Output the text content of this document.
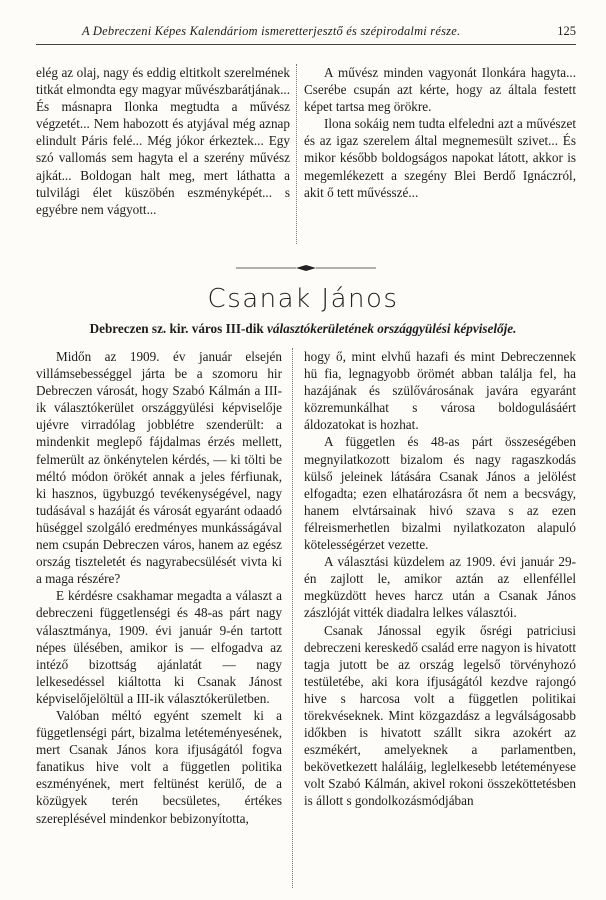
A Debreczeni Képes Kalendáriom ismeretterjesztő és szépirodalmi része.	125

elég az olaj, nagy és eddig eltitkolt szerelmének titkát elmondta egy magyar művészbarátjának... És másnapra Ilonka megtudta a művész végzetét... Nem habozott és atyjával még aznap elindult Páris felé... Még jókor érkeztek... Egy szó vallomás sem hagyta el a szerény művész ajkát... Boldogan halt meg, mert láthatta a tulvilági élet küszöbén eszményképét... s egyébre nem vágyott...

A művész minden vagyonát Ilonkára hagyta... Cserébe csupán azt kérte, hogy az általa festett képet tartsa meg örökre.

Ilona sokáig nem tudta elfeledni azt a művészet és az igaz szerelem által megnemesült szivet... És mikor később boldogságos napokat látott, akkor is megemlékezett a szegény Blei Berdő Ignáczról, akit ő tett művésszé...

Csanak János
Debreczen sz. kir. város III-dik választókerületének országgyülési képviselője.

Midőn az 1909. év január elsején villámsebességgel járta be a szomoru hir Debreczen városát, hogy Szabó Kálmán a III-ik választókerület országgyülési képviselője ujévre virradólag jobblétre szenderült: a mindenkit meglepő fájdalmas érzés mellett, felmerült az önkénytelen kérdés, — ki tölti be méltó módon örökét annak a jeles férfiunak, ki hasznos, ügybuzgó tevékenységével, nagy tudásával s hazáját és városát egyaránt odaadó hüséggel szolgáló eredményes munkásságával nem csupán Debreczen város, hanem az egész ország tiszteletét és nagyrabecsülését vivta ki a maga részére?

E kérdésre csakhamar megadta a választ a debreczeni függetlenségi és 48-as párt nagy választmánya, 1909. évi január 9-én tartott népes ülésében, amikor is — elfogadva az intéző bizottság ajánlatát — nagy lelkesedéssel kiáltotta ki Csanak Jánost képviselőjelöltül a III-ik választókerületben.

Valóban méltó egyént szemelt ki a függetlenségi párt, bizalma letéteményesének, mert Csanak János kora ifjuságától fogva fanatikus hive volt a független politika eszményének, mert feltünést kerülő, de a közügyek terén becsületes, értékes szereplésével mindenkor bebizonyította,

hogy ő, mint elvhű hazafi és mint Debreczennek hü fia, legnagyobb örömét abban találja fel, ha hazájának és szülővárosának javára egyaránt közremunkálhat s városa boldogulásáért áldozatokat is hozhat.

A független és 48-as párt összeségében megnyilatkozott bizalom és nagy ragaszkodás külső jeleinek látására Csanak János a jelölést elfogadta; ezen elhatározásra őt nem a becsvágy, hanem elvtársainak hivó szava s az ezen félreismerhetlen bizalmi nyilatkozaton alapuló kötelességérzet vezette.

A választási küzdelem az 1909. évi január 29-én zajlott le, amikor aztán az ellenféllel megküzdött heves harcz után a Csanak János zászlóját vitték diadalra lelkes választói.

Csanak Jánossal egyik ősrégi patriciusi debreczeni kereskedő család erre nagyon is hivatott tagja jutott be az ország legelső törvényhozó testületébe, aki kora ifjuságától kezdve rajongó hive s harcosa volt a független politikai törekvéseknek. Mint közgazdász a legválságosabb időkben is hivatott szállt sikra azokért az eszmékért, amelyeknek a parlamentben, bekövetkezett haláláig, leglelkesebb letéteményese volt Szabó Kálmán, akivel rokoni összeköttetésben is állott s gondolkozásmódjában
